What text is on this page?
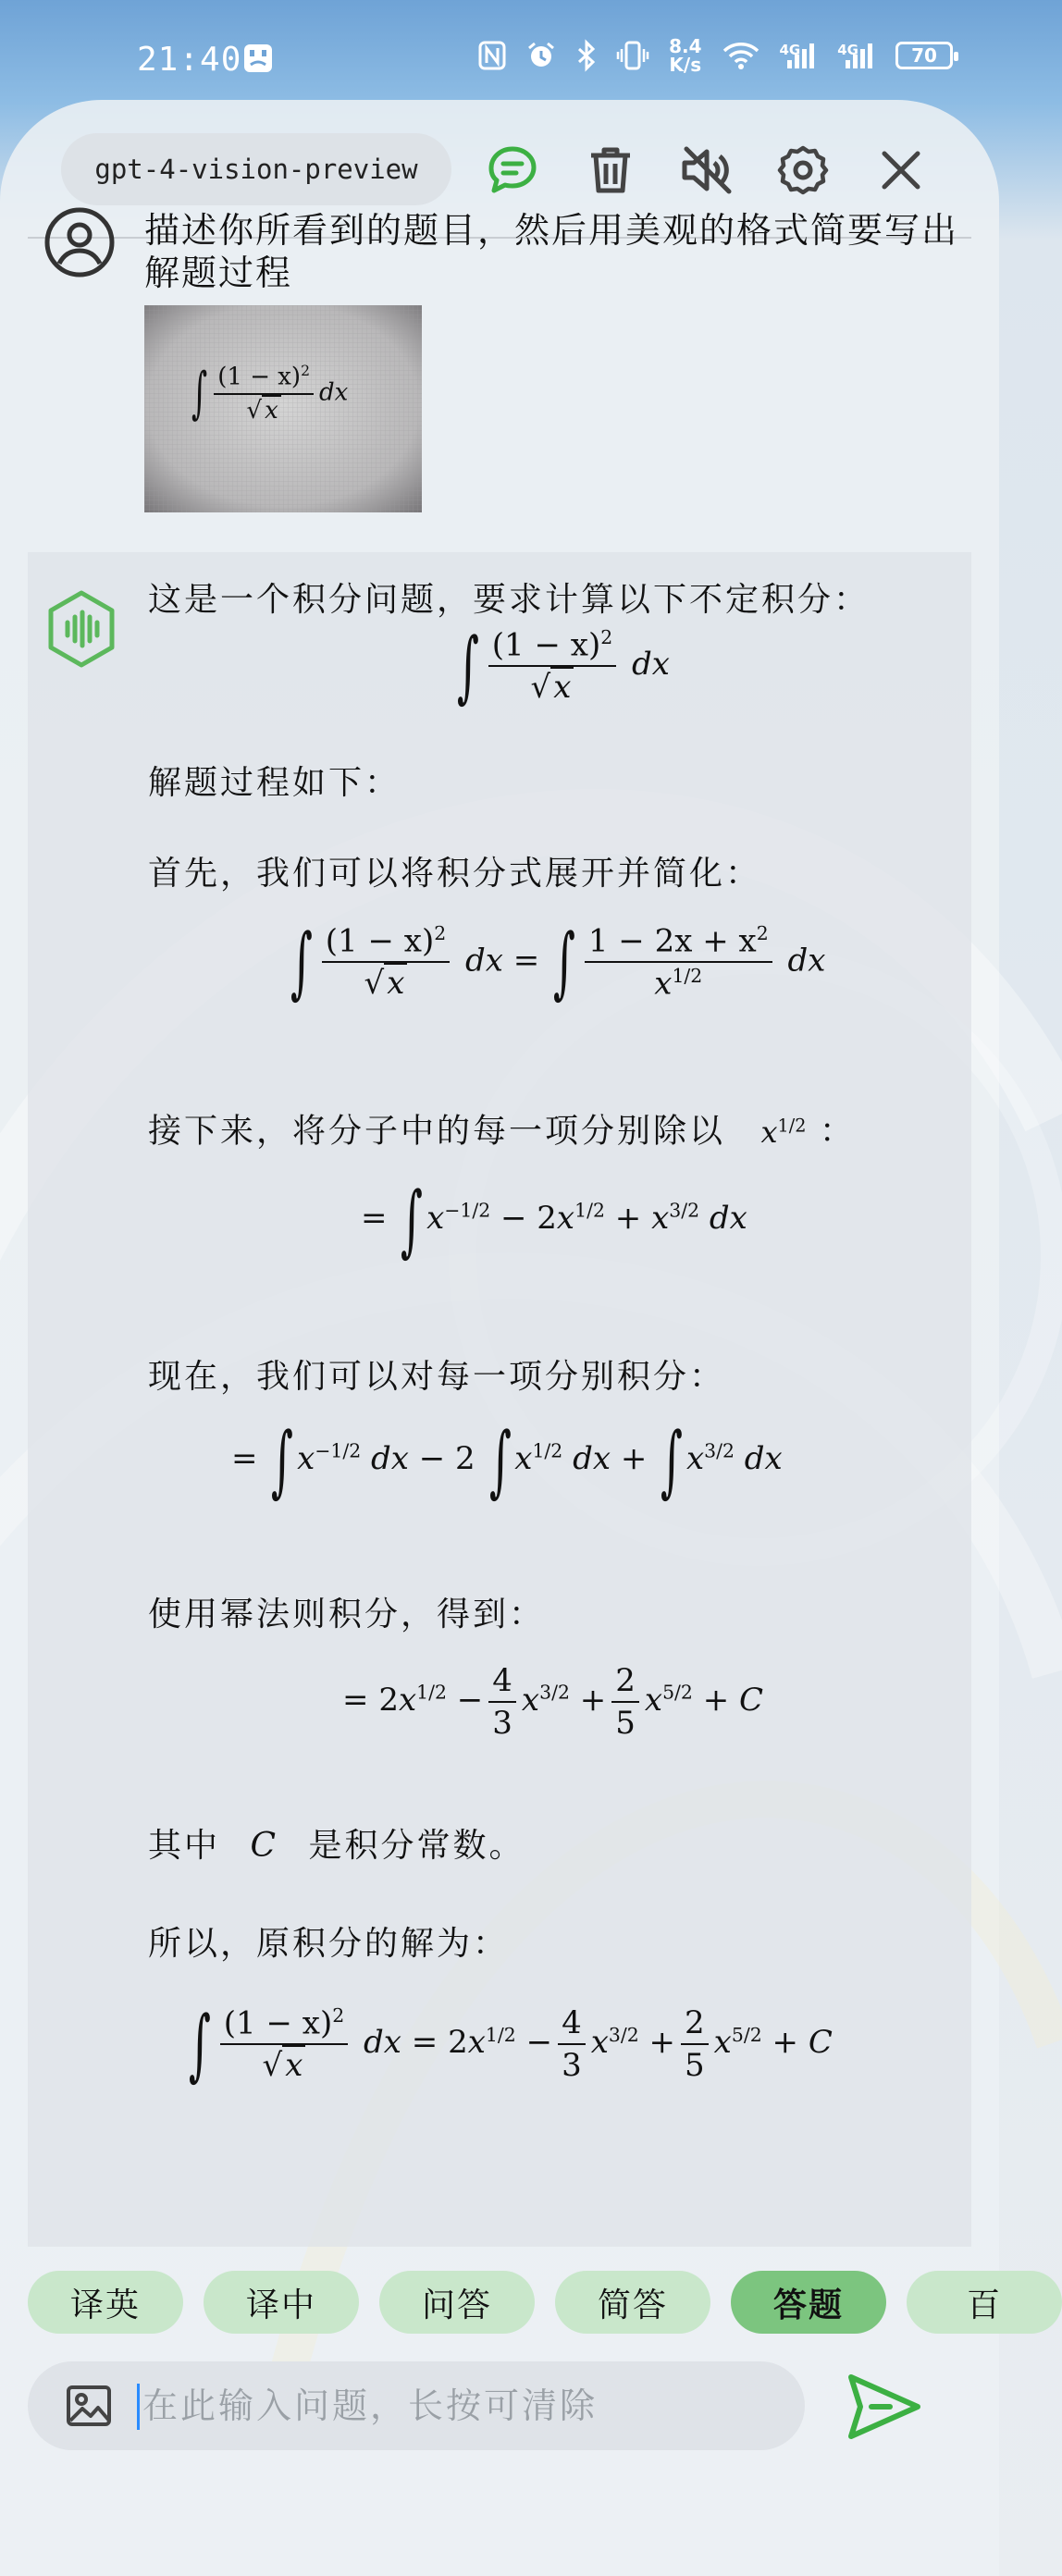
21:40	8.4
K/s
4G	4G	70
gpt-4-vision-preview
描述你所看到的题目，然后用美观的格式简要写出解题过程
∫ $\frac{(1 - x)^2}{√ x}$ dx
这是一个积分问题，要求计算以下不定积分：
∫ $\frac{(1 - x)^2}{√x}$ dx
解题过程如下：
首先，我们可以将积分式展开并简化：
∫ $\frac{(1 - x)^2}{√x}$ dx = ∫ $\frac{1 - 2x + x^2}{x^{1/2}}$ dx
接下来，将分子中的每一项分别除以 $x^{1/2}$ ：
= ∫ $x^{-1/2} - 2x^{1/2} + x^{3/2}$ dx
现在，我们可以对每一项分别积分：
= ∫ $x^{-1/2}$ dx − 2 ∫ $x^{1/2}$ dx + ∫ $x^{3/2}$ dx
使用幂法则积分，得到：
= $2x^{1/2} - \frac{4}{3} x^{3/2} + \frac{2}{5} x^{5/2} + C$
其中 C 是积分常数。
所以，原积分的解为：
∫ $\frac{(1 - x)^2}{√x}$ dx = $2x^{1/2} - \frac{4}{3} x^{3/2} + \frac{2}{5} x^{5/2} + C$
译英	译中	问答	简答	答题	百
在此输入问题，长按可清除
